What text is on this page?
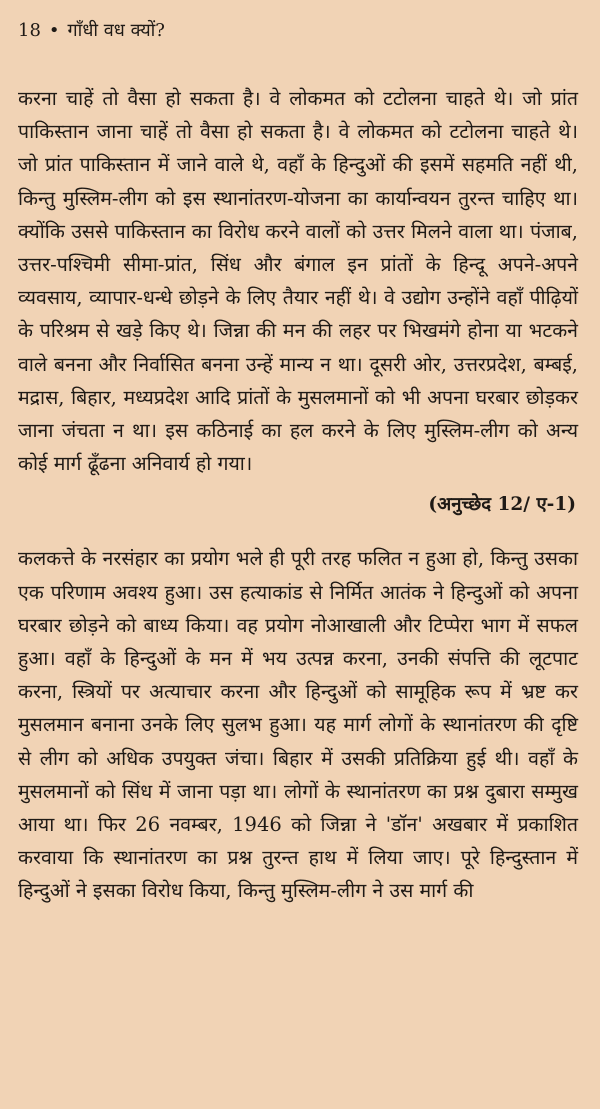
18 • गाँधी वध क्यों?

करना चाहें तो वैसा हो सकता है। वे लोकमत को टटोलना चाहते थे। जो प्रांत पाकिस्तान जाना चाहें तो वैसा हो सकता है। वे लोकमत को टटोलना चाहते थे। जो प्रांत पाकिस्तान में जाने वाले थे, वहाँ के हिन्दुओं की इसमें सहमति नहीं थी, किन्तु मुस्लिम-लीग को इस स्थानांतरण-योजना का कार्यान्वयन तुरन्त चाहिए था। क्योंकि उससे पाकिस्तान का विरोध करने वालों को उत्तर मिलने वाला था। पंजाब, उत्तर-पश्चिमी सीमा-प्रांत, सिंध और बंगाल इन प्रांतों के हिन्दू अपने-अपने व्यवसाय, व्यापार-धन्धे छोड़ने के लिए तैयार नहीं थे। वे उद्योग उन्होंने वहाँ पीढ़ियों के परिश्रम से खड़े किए थे। जिन्ना की मन की लहर पर भिखमंगे होना या भटकने वाले बनना और निर्वासित बनना उन्हें मान्य न था। दूसरी ओर, उत्तरप्रदेश, बम्बई, मद्रास, बिहार, मध्यप्रदेश आदि प्रांतों के मुसलमानों को भी अपना घरबार छोड़कर जाना जंचता न था। इस कठिनाई का हल करने के लिए मुस्लिम-लीग को अन्य कोई मार्ग ढूँढना अनिवार्य हो गया।

(अनुच्छेद 12/ ए-1)

कलकत्ते के नरसंहार का प्रयोग भले ही पूरी तरह फलित न हुआ हो, किन्तु उसका एक परिणाम अवश्य हुआ। उस हत्याकांड से निर्मित आतंक ने हिन्दुओं को अपना घरबार छोड़ने को बाध्य किया। वह प्रयोग नोआखाली और टिप्पेरा भाग में सफल हुआ। वहाँ के हिन्दुओं के मन में भय उत्पन्न करना, उनकी संपत्ति की लूटपाट करना, स्त्रियों पर अत्याचार करना और हिन्दुओं को सामूहिक रूप में भ्रष्ट कर मुसलमान बनाना उनके लिए सुलभ हुआ। यह मार्ग लोगों के स्थानांतरण की दृष्टि से लीग को अधिक उपयुक्त जंचा। बिहार में उसकी प्रतिक्रिया हुई थी। वहाँ के मुसलमानों को सिंध में जाना पड़ा था। लोगों के स्थानांतरण का प्रश्न दुबारा सम्मुख आया था। फिर 26 नवम्बर, 1946 को जिन्ना ने 'डॉन' अखबार में प्रकाशित करवाया कि स्थानांतरण का प्रश्न तुरन्त हाथ में लिया जाए। पूरे हिन्दुस्तान में हिन्दुओं ने इसका विरोध किया, किन्तु मुस्लिम-लीग ने उस मार्ग की
